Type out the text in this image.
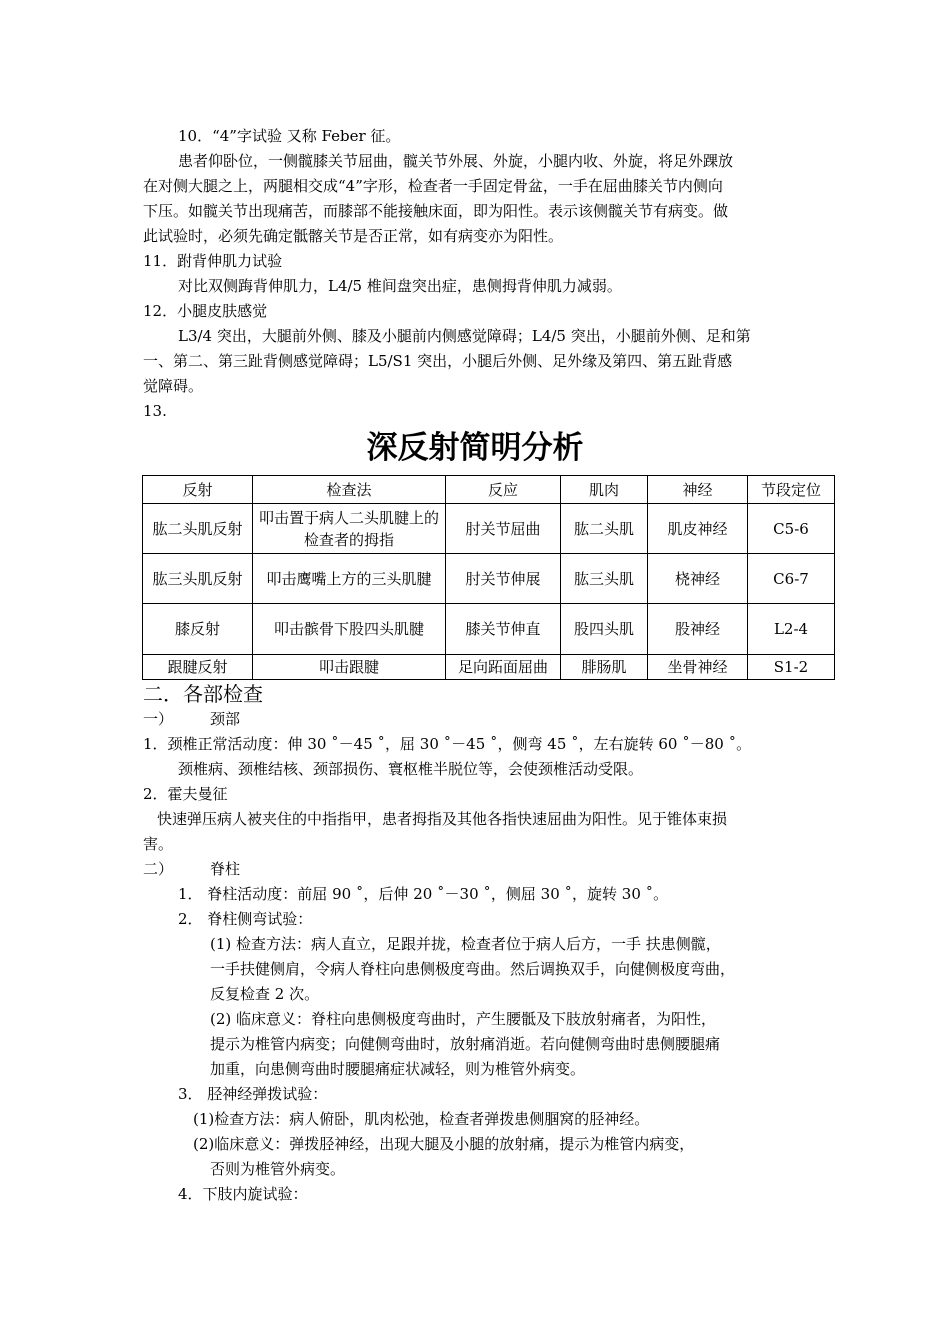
10．“4”字试验 又称 Feber 征。
患者仰卧位，一侧髋膝关节屈曲，髋关节外展、外旋，小腿内收、外旋，将足外踝放
在对侧大腿之上，两腿相交成“4”字形，检查者一手固定骨盆，一手在屈曲膝关节内侧向
下压。如髋关节出现痛苦，而膝部不能接触床面，即为阳性。表示该侧髋关节有病变。做
此试验时，必须先确定骶髂关节是否正常，如有病变亦为阳性。
11．跗背伸肌力试验
对比双侧踇背伸肌力，L4/5 椎间盘突出症，患侧拇背伸肌力减弱。
12．小腿皮肤感觉
L3/4 突出，大腿前外侧、膝及小腿前内侧感觉障碍；L4/5 突出，小腿前外侧、足和第
一、第二、第三趾背侧感觉障碍；L5/S1 突出，小腿后外侧、足外缘及第四、第五趾背感
觉障碍。
13.
深反射简明分析
反射	检查法	反应	肌肉	神经	节段定位
肱二头肌反射	叩击置于病人二头肌腱上的检查者的拇指	肘关节屈曲	肱二头肌	肌皮神经	C5-6
肱三头肌反射	叩击鹰嘴上方的三头肌腱	肘关节伸展	肱三头肌	桡神经	C6-7
膝反射	叩击髌骨下股四头肌腱	膝关节伸直	股四头肌	股神经	L2-4
跟腱反射	叩击跟腱	足向跖面屈曲	腓肠肌	坐骨神经	S1-2
二．各部检查
一） 颈部
1．颈椎正常活动度：伸 30 ˚－45 ˚，屈 30 ˚－45 ˚，侧弯 45 ˚，左右旋转 60 ˚－80 ˚。
颈椎病、颈椎结核、颈部损伤、寰枢椎半脱位等，会使颈椎活动受限。
2．霍夫曼征
快速弹压病人被夹住的中指指甲，患者拇指及其他各指快速屈曲为阳性。见于锥体束损
害。
二） 脊柱
1． 脊柱活动度：前屈 90 ˚，后伸 20 ˚－30 ˚，侧屈 30 ˚，旋转 30 ˚。
2． 脊柱侧弯试验：
(1) 检查方法：病人直立，足跟并拢，检查者位于病人后方，一手 扶患侧髋，
一手扶健侧肩，令病人脊柱向患侧极度弯曲。然后调换双手，向健侧极度弯曲，
反复检查 2 次。
(2) 临床意义：脊柱向患侧极度弯曲时，产生腰骶及下肢放射痛者，为阳性，
提示为椎管内病变；向健侧弯曲时，放射痛消逝。若向健侧弯曲时患侧腰腿痛
加重，向患侧弯曲时腰腿痛症状减轻，则为椎管外病变。
3． 胫神经弹拨试验：
(1)检查方法：病人俯卧，肌肉松弛，检查者弹拨患侧腘窝的胫神经。
(2)临床意义：弹拨胫神经，出现大腿及小腿的放射痛，提示为椎管内病变，
否则为椎管外病变。
4．下肢内旋试验：
